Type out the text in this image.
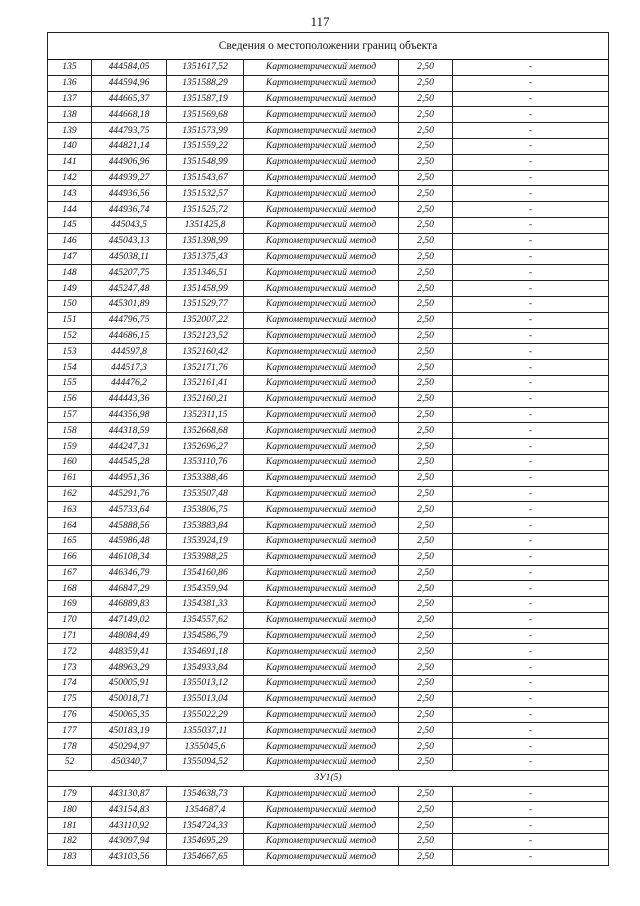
117
Сведения о местоположении границ объекта					
135	444584,05	1351617,52	Картометрический метод	2,50	-
136	444594,96	1351588,29	Картометрический метод	2,50	-
137	444665,37	1351587,19	Картометрический метод	2,50	-
138	444668,18	1351569,68	Картометрический метод	2,50	-
139	444793,75	1351573,99	Картометрический метод	2,50	-
140	444821,14	1351559,22	Картометрический метод	2,50	-
141	444906,96	1351548,99	Картометрический метод	2,50	-
142	444939,27	1351543,67	Картометрический метод	2,50	-
143	444936,56	1351532,57	Картометрический метод	2,50	-
144	444936,74	1351525,72	Картометрический метод	2,50	-
145	445043,5	1351425,8	Картометрический метод	2,50	-
146	445043,13	1351398,99	Картометрический метод	2,50	-
147	445038,11	1351375,43	Картометрический метод	2,50	-
148	445207,75	1351346,51	Картометрический метод	2,50	-
149	445247,48	1351458,99	Картометрический метод	2,50	-
150	445301,89	1351529,77	Картометрический метод	2,50	-
151	444796,75	1352007,22	Картометрический метод	2,50	-
152	444686,15	1352123,52	Картометрический метод	2,50	-
153	444597,8	1352160,42	Картометрический метод	2,50	-
154	444517,3	1352171,76	Картометрический метод	2,50	-
155	444476,2	1352161,41	Картометрический метод	2,50	-
156	444443,36	1352160,21	Картометрический метод	2,50	-
157	444356,98	1352311,15	Картометрический метод	2,50	-
158	444318,59	1352668,68	Картометрический метод	2,50	-
159	444247,31	1352696,27	Картометрический метод	2,50	-
160	444545,28	1353110,76	Картометрический метод	2,50	-
161	444951,36	1353388,46	Картометрический метод	2,50	-
162	445291,76	1353507,48	Картометрический метод	2,50	-
163	445733,64	1353806,75	Картометрический метод	2,50	-
164	445888,56	1353883,84	Картометрический метод	2,50	-
165	445986,48	1353924,19	Картометрический метод	2,50	-
166	446108,34	1353988,25	Картометрический метод	2,50	-
167	446346,79	1354160,86	Картометрический метод	2,50	-
168	446847,29	1354359,94	Картометрический метод	2,50	-
169	446889,83	1354381,33	Картометрический метод	2,50	-
170	447149,02	1354557,62	Картометрический метод	2,50	-
171	448084,49	1354586,79	Картометрический метод	2,50	-
172	448359,41	1354691,18	Картометрический метод	2,50	-
173	448963,29	1354933,84	Картометрический метод	2,50	-
174	450005,91	1355013,12	Картометрический метод	2,50	-
175	450018,71	1355013,04	Картометрический метод	2,50	-
176	450065,35	1355022,29	Картометрический метод	2,50	-
177	450183,19	1355037,11	Картометрический метод	2,50	-
178	450294,97	1355045,6	Картометрический метод	2,50	-
52	450340,7	1355094,52	Картометрический метод	2,50	-
ЗУ1(5)					
179	443130,87	1354638,73	Картометрический метод	2,50	-
180	443154,83	1354687,4	Картометрический метод	2,50	-
181	443110,92	1354724,33	Картометрический метод	2,50	-
182	443097,94	1354695,29	Картометрический метод	2,50	-
183	443103,56	1354667,65	Картометрический метод	2,50	-
